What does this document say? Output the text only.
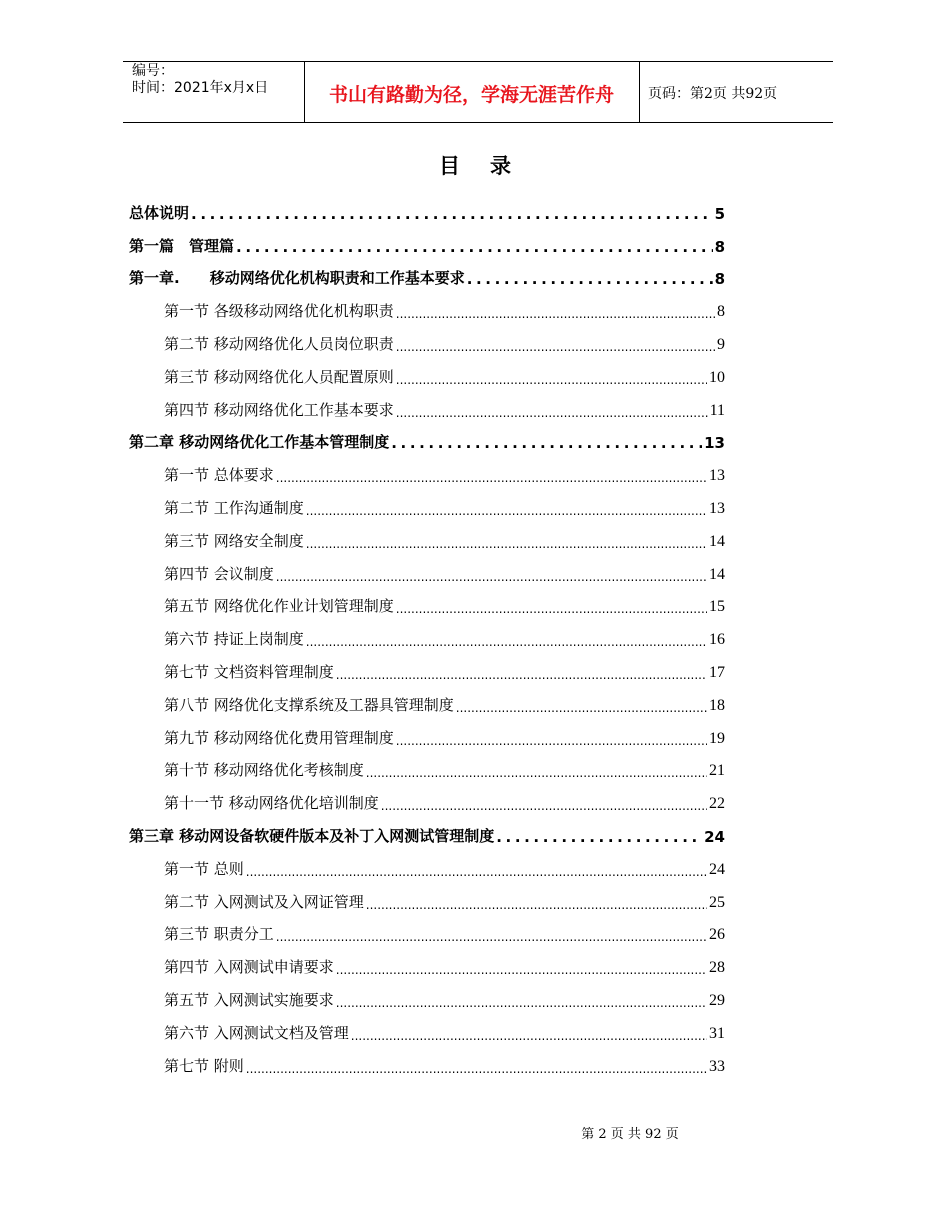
编号：
时间：2021年x月x日	书山有路勤为径，学海无涯苦作舟	页码：第2页 共92页
目录
总体说明 .....	5
第一篇　管理篇 .....	8
第一章.　　移动网络优化机构职责和工作基本要求 .....	8
第一节 各级移动网络优化机构职责 .....	8
第二节 移动网络优化人员岗位职责 .....	9
第三节 移动网络优化人员配置原则 .....	10
第四节 移动网络优化工作基本要求 .....	11
第二章 移动网络优化工作基本管理制度 .....	13
第一节 总体要求 .....	13
第二节 工作沟通制度 .....	13
第三节 网络安全制度 .....	14
第四节 会议制度 .....	14
第五节 网络优化作业计划管理制度 .....	15
第六节 持证上岗制度 .....	16
第七节 文档资料管理制度 .....	17
第八节 网络优化支撑系统及工器具管理制度 .....	18
第九节 移动网络优化费用管理制度 .....	19
第十节 移动网络优化考核制度 .....	21
第十一节 移动网络优化培训制度 .....	22
第三章 移动网设备软硬件版本及补丁入网测试管理制度 .....	24
第一节 总则 .....	24
第二节 入网测试及入网证管理 .....	25
第三节 职责分工 .....	26
第四节 入网测试申请要求 .....	28
第五节 入网测试实施要求 .....	29
第六节 入网测试文档及管理 .....	31
第七节 附则 .....	33
第 2 页 共 92 页
